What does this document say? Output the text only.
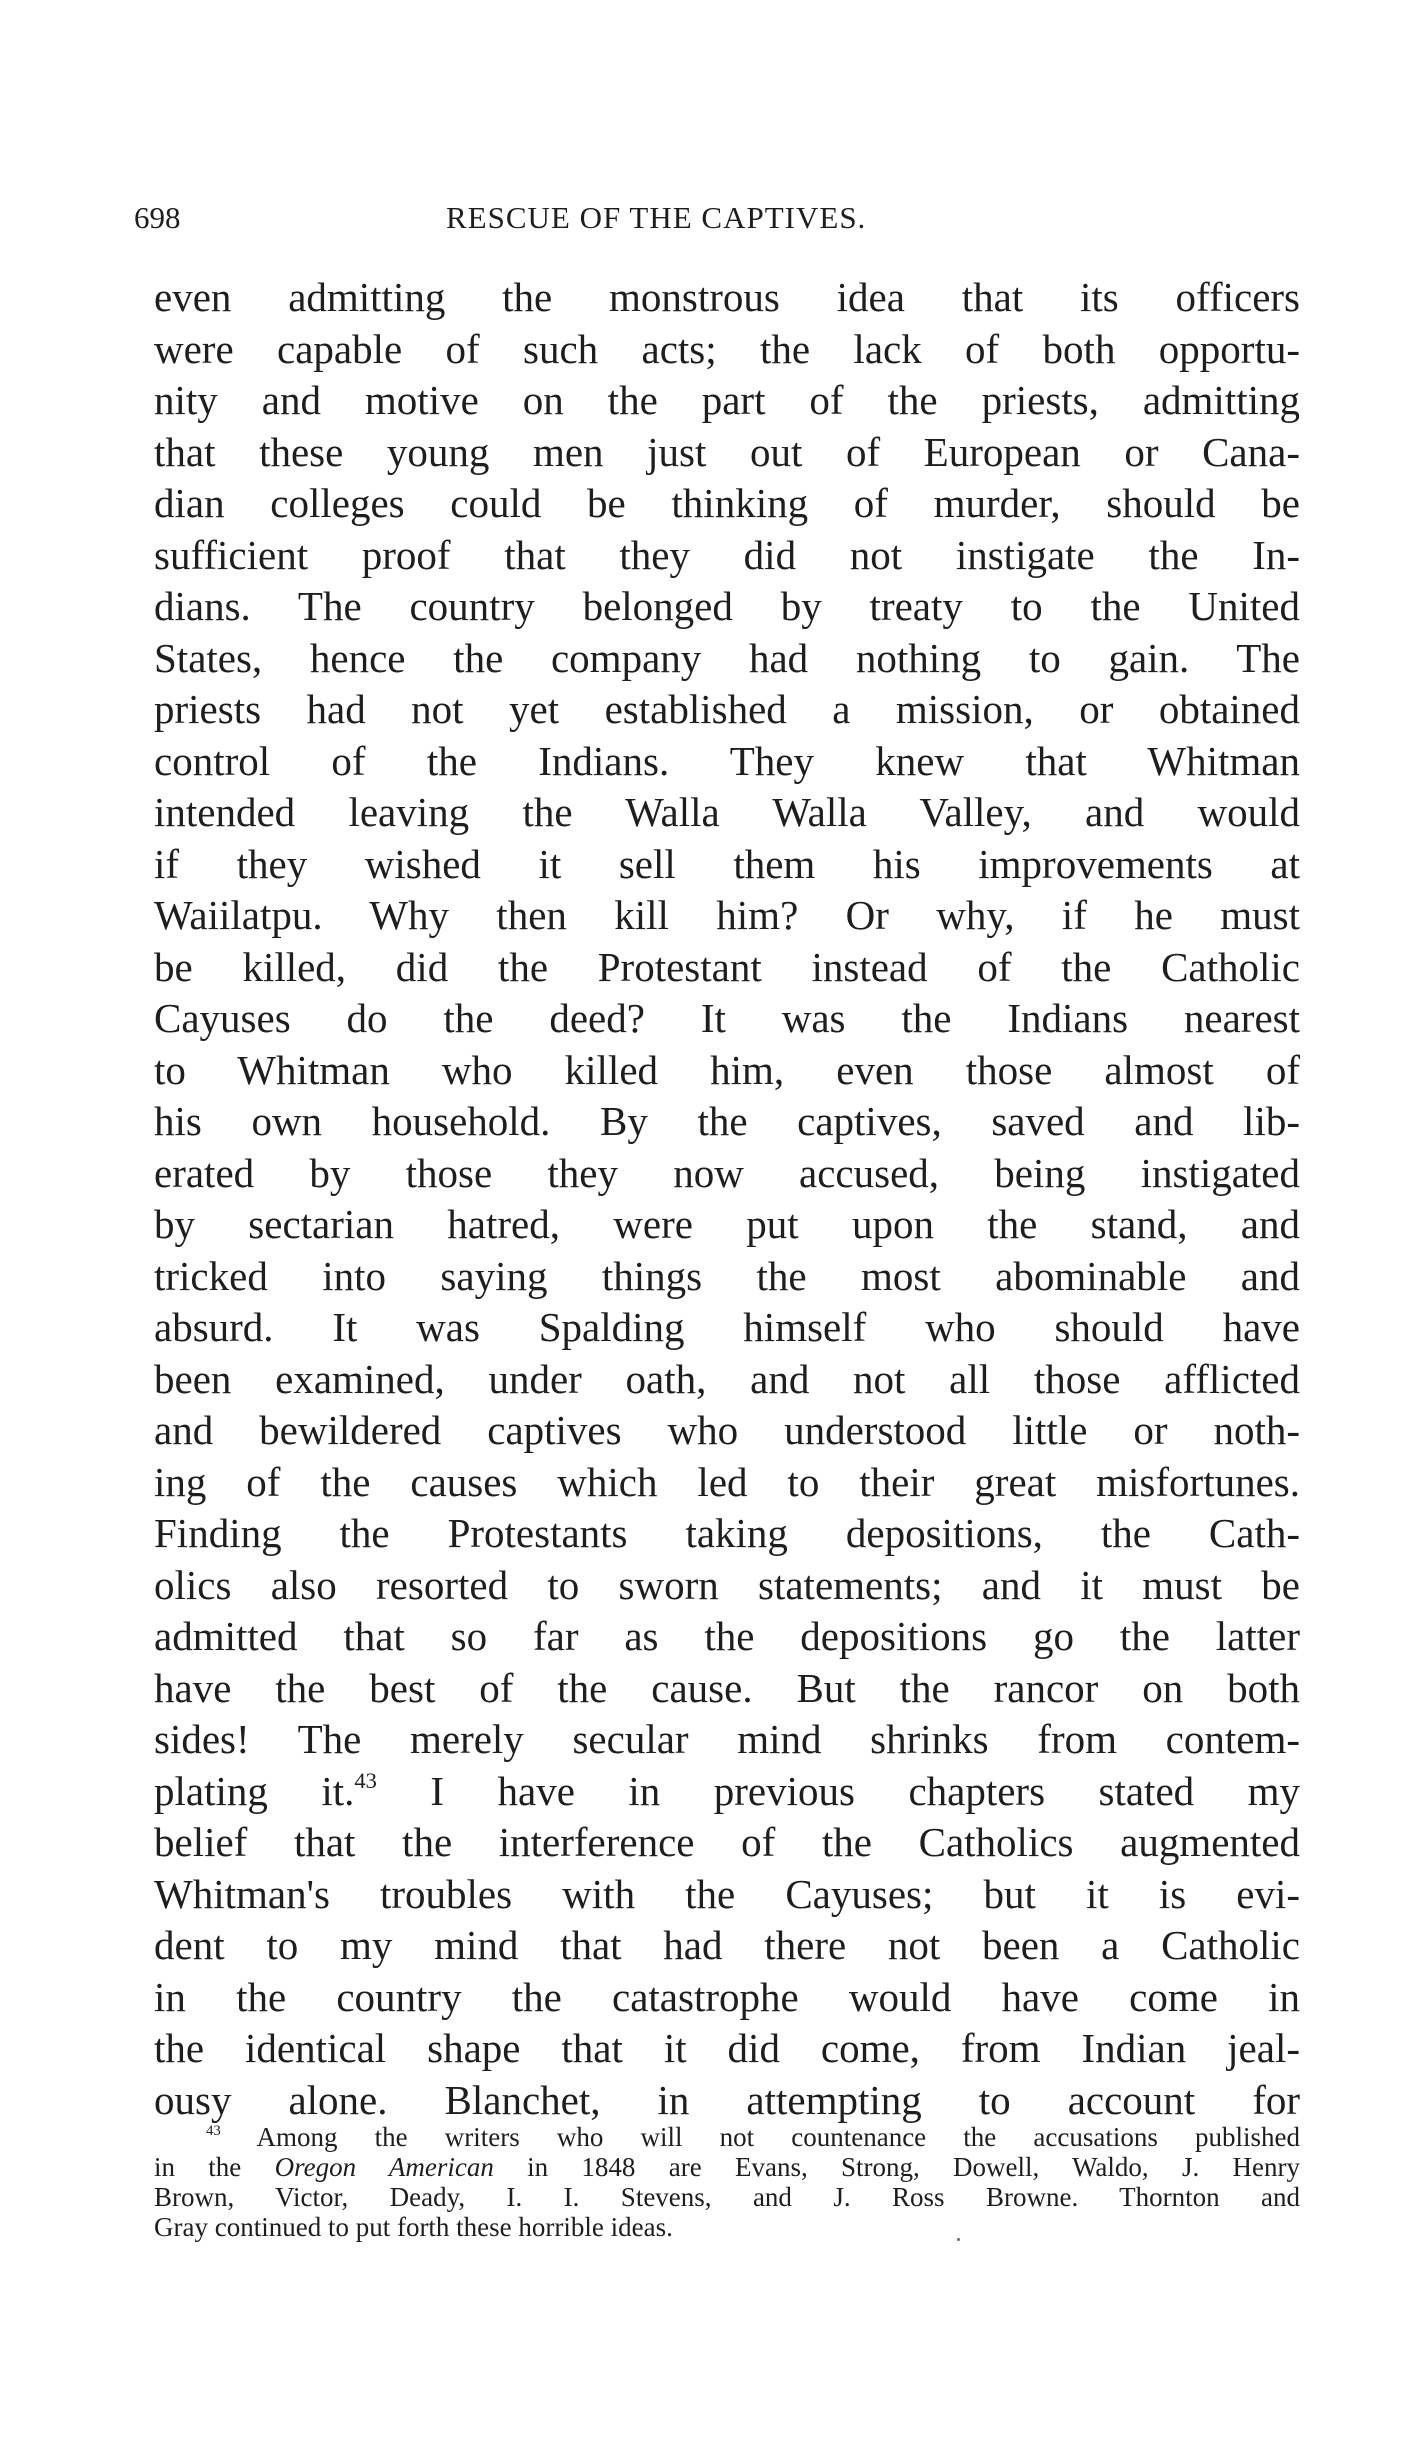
698	RESCUE OF THE CAPTIVES.
even admitting the monstrous idea that its officers
were capable of such acts; the lack of both opportu-
nity and motive on the part of the priests, admitting
that these young men just out of European or Cana-
dian colleges could be thinking of murder, should be
sufficient proof that they did not instigate the In-
dians. The country belonged by treaty to the United
States, hence the company had nothing to gain. The
priests had not yet established a mission, or obtained
control of the Indians. They knew that Whitman
intended leaving the Walla Walla Valley, and would
if they wished it sell them his improvements at
Waiilatpu. Why then kill him? Or why, if he must
be killed, did the Protestant instead of the Catholic
Cayuses do the deed? It was the Indians nearest
to Whitman who killed him, even those almost of
his own household. By the captives, saved and lib-
erated by those they now accused, being instigated
by sectarian hatred, were put upon the stand, and
tricked into saying things the most abominable and
absurd. It was Spalding himself who should have
been examined, under oath, and not all those afflicted
and bewildered captives who understood little or noth-
ing of the causes which led to their great misfortunes.
Finding the Protestants taking depositions, the Cath-
olics also resorted to sworn statements; and it must be
admitted that so far as the depositions go the latter
have the best of the cause. But the rancor on both
sides! The merely secular mind shrinks from contem-
plating it.$^{43}$ I have in previous chapters stated my
belief that the interference of the Catholics augmented
Whitman's troubles with the Cayuses; but it is evi-
dent to my mind that had there not been a Catholic
in the country the catastrophe would have come in
the identical shape that it did come, from Indian jeal-
ousy alone. Blanchet, in attempting to account for
$^{43}$ Among the writers who will not countenance the accusations published
in the Oregon American in 1848 are Evans, Strong, Dowell, Waldo, J. Henry
Brown, Victor, Deady, I. I. Stevens, and J. Ross Browne. Thornton and
Gray continued to put forth these horrible ideas.
